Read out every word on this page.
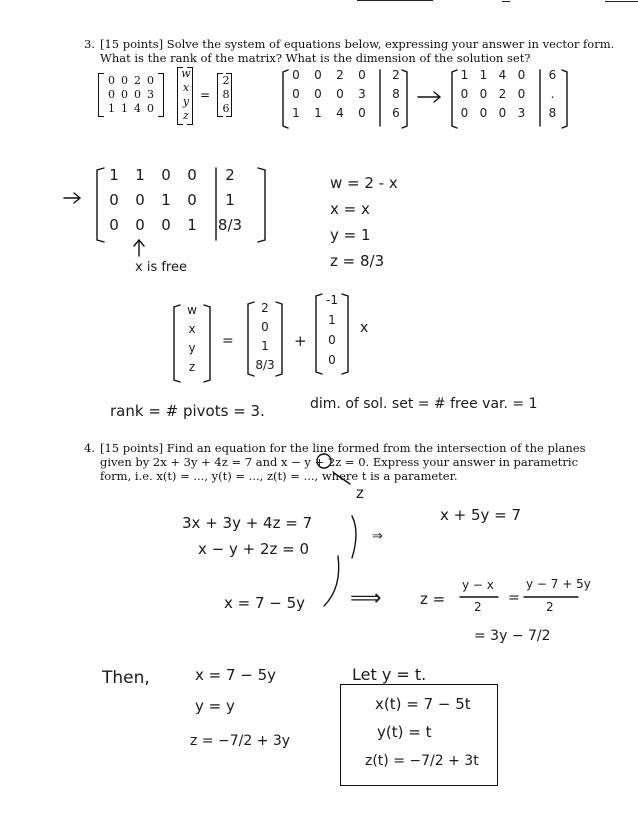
3. [15 points] Solve the system of equations below, expressing your answer in vector form.
What is the rank of the matrix? What is the dimension of the solution set?
0 0 2 0
0 0 0 3
1 1 4 0
w
x
y
z
=
2
8
6
0	0	2	0	2
0	0	0	3	8
1	1	4	0	6
1 1 4 0	6
0 0 2 0	.
0 0 0 3	8
1	1	0	0	2
0	0	1	0	1
0	0	0	1	8/3
x is free
w = 2 - x
x = x
y = 1
z = 8/3
w
x
y
z
=
2
0
1
8/3
+
-1
1
0
0
x
rank = # pivots = 3.	dim. of sol. set = # free var. = 1
4. [15 points] Find an equation for the line formed from the intersection of the planes
given by 2x + 3y + 4z = 7 and x − y + 2z = 0. Express your answer in parametric
form, i.e. x(t) = ..., y(t) = ..., z(t) = ..., where t is a parameter.
z
3x + 3y + 4z = 7
x − y + 2z = 0
⇒
x + 5y = 7
x = 7 − 5y ⟹	z =
y − x
2
=
y − 7 + 5y
2
= 3y − 7/2
Then,	x = 7 − 5y
y = y
z = −7/2 + 3y
Let y = t.
x(t) = 7 − 5t
y(t) = t
z(t) = −7/2 + 3t
